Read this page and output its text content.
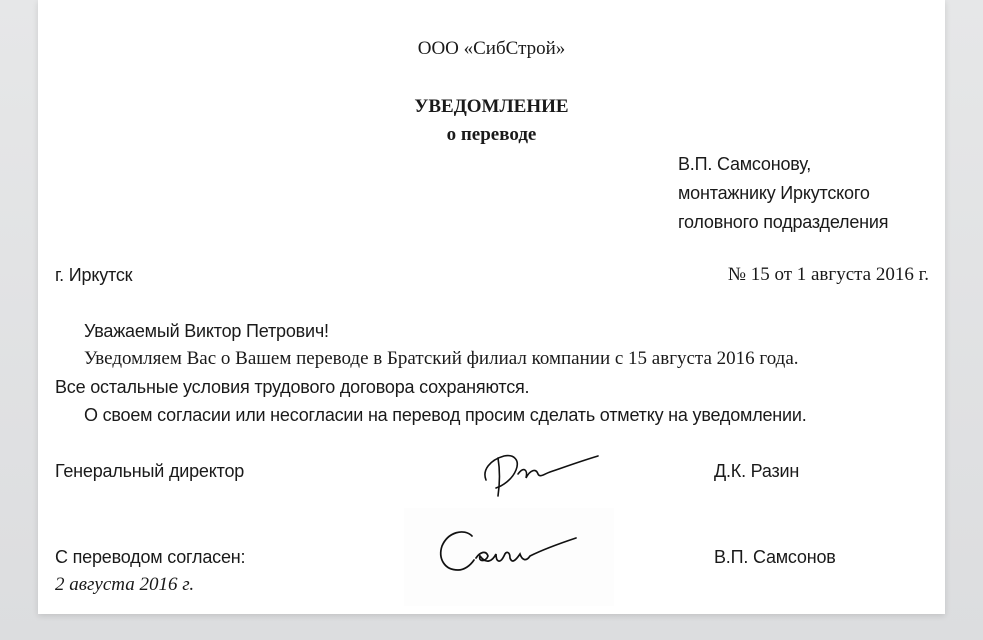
ООО «СибСтрой»
УВЕДОМЛЕНИЕ
о переводе
В.П. Самсонову,
монтажнику Иркутского
головного подразделения
г. Иркутск	№ 15 от 1 августа 2016 г.
Уважаемый Виктор Петрович!
Уведомляем Вас о Вашем переводе в Братский филиал компании с 15 августа 2016 года.
Все остальные условия трудового договора сохраняются.
О своем согласии или несогласии на перевод просим сделать отметку на уведомлении.
Генеральный директор	Д.К. Разин
С переводом согласен:
2 августа 2016 г.
В.П. Самсонов
